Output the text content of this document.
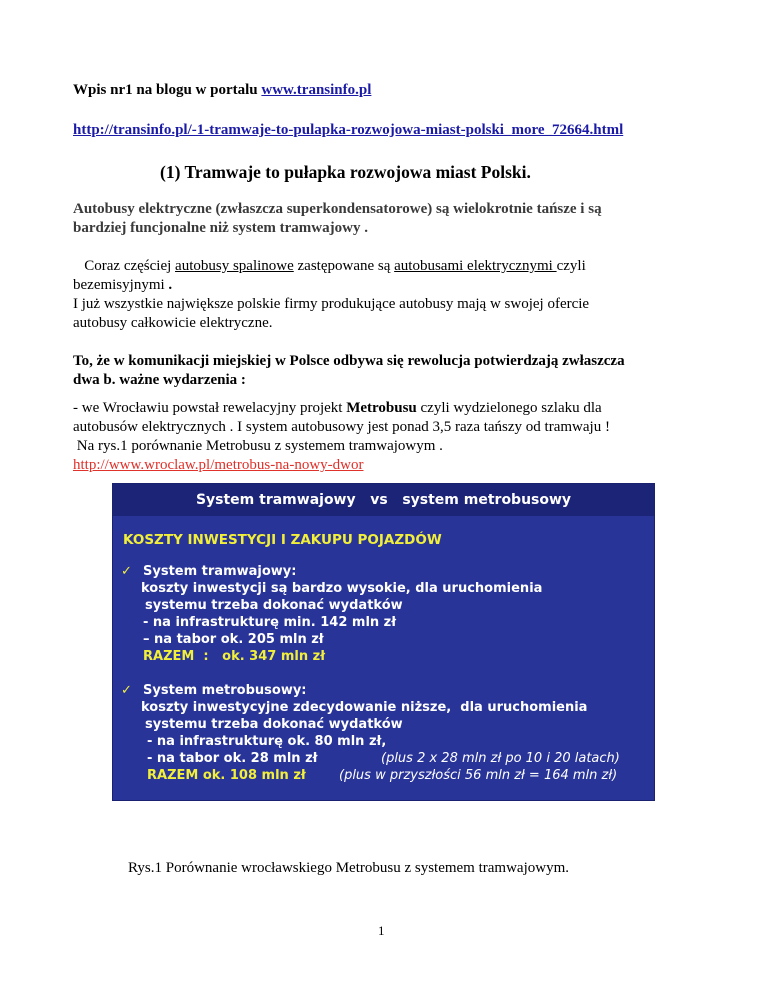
Wpis nr1 na blogu w portalu www.transinfo.pl

http://transinfo.pl/-1-tramwaje-to-pulapka-rozwojowa-miast-polski_more_72664.html

(1) Tramwaje to pułapka rozwojowa miast Polski.

Autobusy elektryczne (zwłaszcza superkondensatorowe) są wielokrotnie tańsze i są

bardziej funcjonalne niż system tramwajowy .

Coraz częściej autobusy spalinowe zastępowane są autobusami elektrycznymi czyli

bezemisyjnymi .

I już wszystkie największe polskie firmy produkujące autobusy mają w swojej ofercie

autobusy całkowicie elektryczne.

To, że w komunikacji miejskiej w Polsce odbywa się rewolucja potwierdzają zwłaszcza

dwa b. ważne wydarzenia :

- we Wrocławiu powstał rewelacyjny projekt Metrobusu czyli wydzielonego szlaku dla

autobusów elektrycznych . I system autobusowy jest ponad 3,5 raza tańszy od tramwaju !

Na rys.1 porównanie Metrobusu z systemem tramwajowym .

http://www.wroclaw.pl/metrobus-na-nowy-dwor

System tramwajowy   vs   system metrobusowy
KOSZTY INWESTYCJI I ZAKUPU POJAZDÓW
✓ System tramwajowy:
koszty inwestycji są bardzo wysokie, dla uruchomienia
systemu trzeba dokonać wydatków
- na infrastrukturę min. 142 mln zł
– na tabor ok. 205 mln zł
RAZEM  :   ok. 347 mln zł
✓ System metrobusowy:
koszty inwestycyjne zdecydowanie niższe,  dla uruchomienia
systemu trzeba dokonać wydatków
- na infrastrukturę ok. 80 mln zł,
- na tabor ok. 28 mln zł	(plus 2 x 28 mln zł po 10 i 20 latach)
RAZEM ok. 108 mln zł	(plus w przyszłości 56 mln zł = 164 mln zł)

Rys.1 Porównanie wrocławskiego Metrobusu z systemem tramwajowym.

1
